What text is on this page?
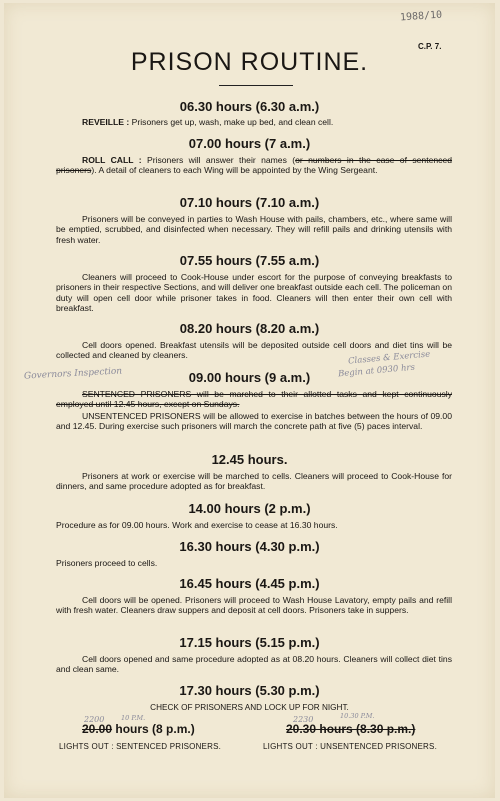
1988/10
C.P. 7.
PRISON ROUTINE.
06.30 hours (6.30 a.m.)
REVEILLE : Prisoners get up, wash, make up bed, and clean cell.
07.00 hours (7 a.m.)
ROLL CALL : Prisoners will answer their names (or numbers in the case of sentenced prisoners). A detail of cleaners to each Wing will be appointed by the Wing Sergeant.
07.10 hours (7.10 a.m.)
Prisoners will be conveyed in parties to Wash House with pails, chambers, etc., where same will be emptied, scrubbed, and disinfected when necessary. They will refill pails and drinking utensils with fresh water.
07.55 hours (7.55 a.m.)
Cleaners will proceed to Cook-House under escort for the purpose of conveying breakfasts to prisoners in their respective Sections, and will deliver one breakfast outside each cell. The policeman on duty will open cell door while prisoner takes in food. Cleaners will then enter their own cell with breakfast.
08.20 hours (8.20 a.m.)
Cell doors opened. Breakfast utensils will be deposited outside cell doors and diet tins will be collected and cleaned by cleaners.	Classes & Exercise
Begin at 0930 hrs
Governors Inspection	09.00 hours (9 a.m.)
SENTENCED PRISONERS will be marched to their allotted tasks and kept continuously employed until 12.45 hours, except on Sundays.
UNSENTENCED PRISONERS will be allowed to exercise in batches between the hours of 09.00 and 12.45. During exercise such prisoners will march the concrete path at five (5) paces interval.
12.45 hours.
Prisoners at work or exercise will be marched to cells. Cleaners will proceed to Cook-House for dinners, and same procedure adopted as for breakfast.
14.00 hours (2 p.m.)
Procedure as for 09.00 hours. Work and exercise to cease at 16.30 hours.
16.30 hours (4.30 p.m.)
Prisoners proceed to cells.
16.45 hours (4.45 p.m.)
Cell doors will be opened. Prisoners will proceed to Wash House Lavatory, empty pails and refill with fresh water. Cleaners draw suppers and deposit at cell doors. Prisoners take in suppers.
17.15 hours (5.15 p.m.)
Cell doors opened and same procedure adopted as at 08.20 hours. Cleaners will collect diet tins and clean same.
17.30 hours (5.30 p.m.)
CHECK OF PRISONERS AND LOCK UP FOR NIGHT.
2200	10 P.M.	2230	10.30 P.M.
20.00 hours (8 p.m.)	20.30 hours (8.30 p.m.)
LIGHTS OUT : SENTENCED PRISONERS.	LIGHTS OUT : UNSENTENCED PRISONERS.
